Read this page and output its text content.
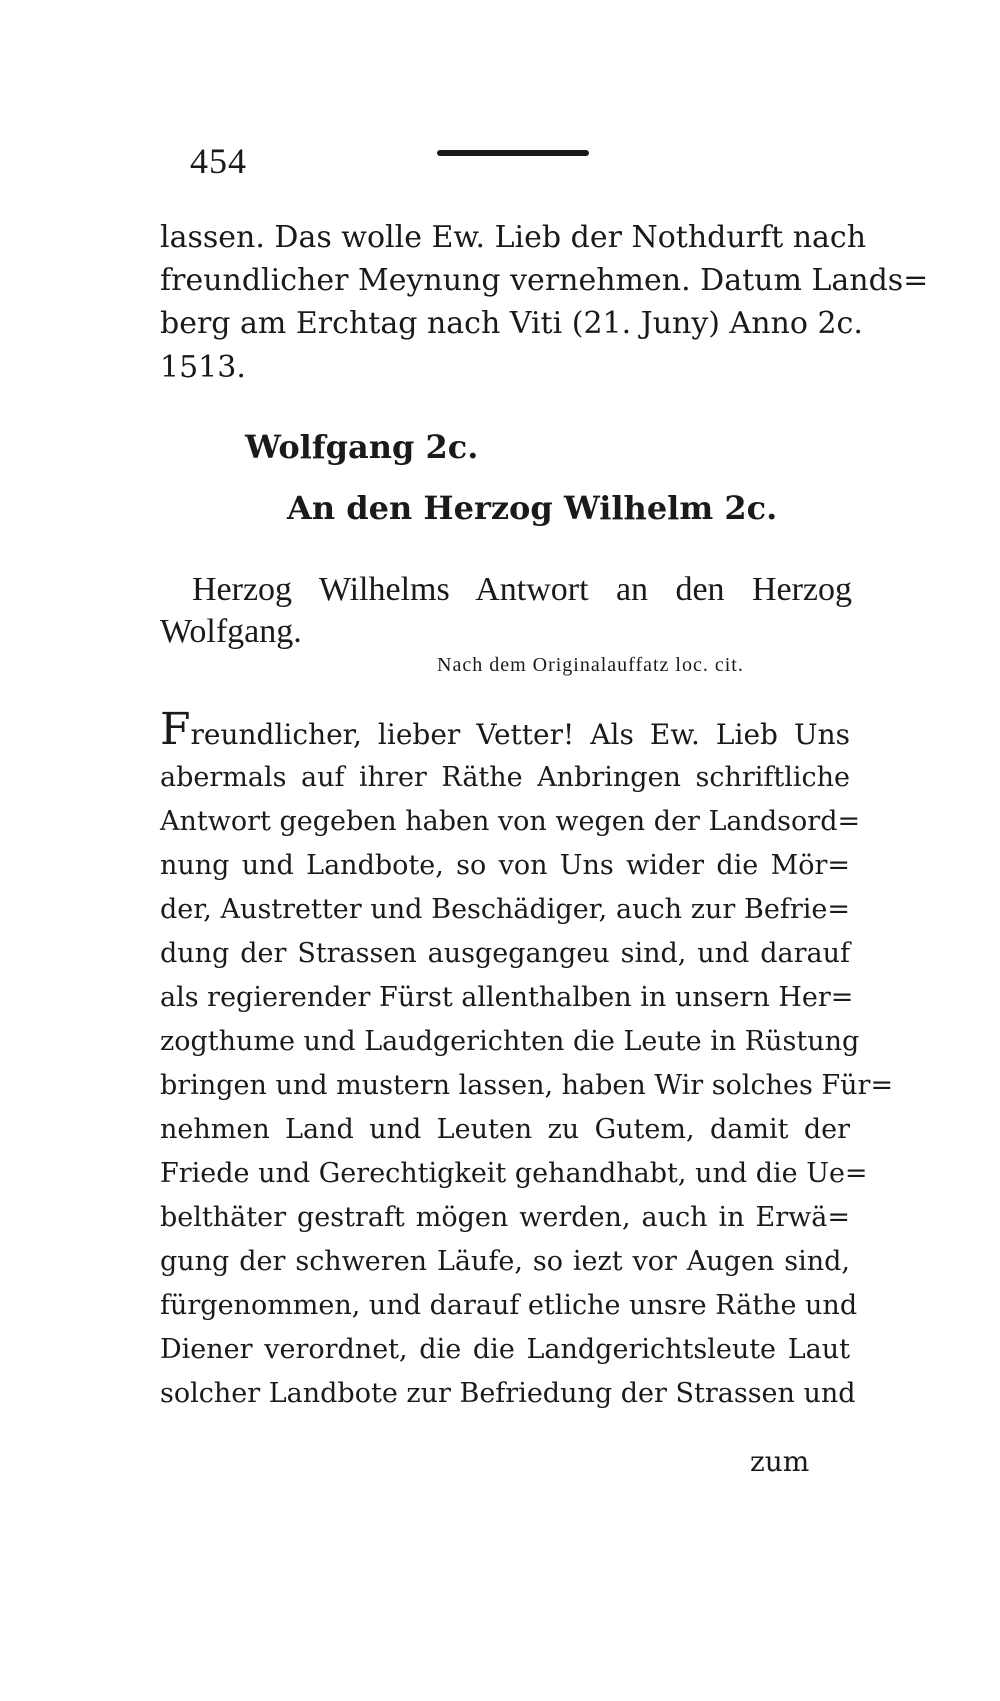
454
lassen. Das wolle Ew. Lieb der Nothdurft nach
freundlicher Meynung vernehmen. Datum Lands=
berg am Erchtag nach Viti (21. Juny) Anno 2c.
1513.
Wolfgang 2c.
An den Herzog Wilhelm 2c.
Herzog Wilhelms Antwort an den Herzog
Wolfgang.
Nach dem Originalauffatz loc. cit.
Freundlicher, lieber Vetter! Als Ew. Lieb Uns
abermals auf ihrer Räthe Anbringen schriftliche
Antwort gegeben haben von wegen der Landsord=
nung und Landbote, so von Uns wider die Mör=
der, Austretter und Beschädiger, auch zur Befrie=
dung der Strassen ausgegangeu sind, und darauf
als regierender Fürst allenthalben in unsern Her=
zogthume und Laudgerichten die Leute in Rüstung
bringen und mustern lassen, haben Wir solches Für=
nehmen Land und Leuten zu Gutem, damit der
Friede und Gerechtigkeit gehandhabt, und die Ue=
belthäter gestraft mögen werden, auch in Erwä=
gung der schweren Läufe, so iezt vor Augen sind,
fürgenommen, und darauf etliche unsre Räthe und
Diener verordnet, die die Landgerichtsleute Laut
solcher Landbote zur Befriedung der Strassen und
zum
